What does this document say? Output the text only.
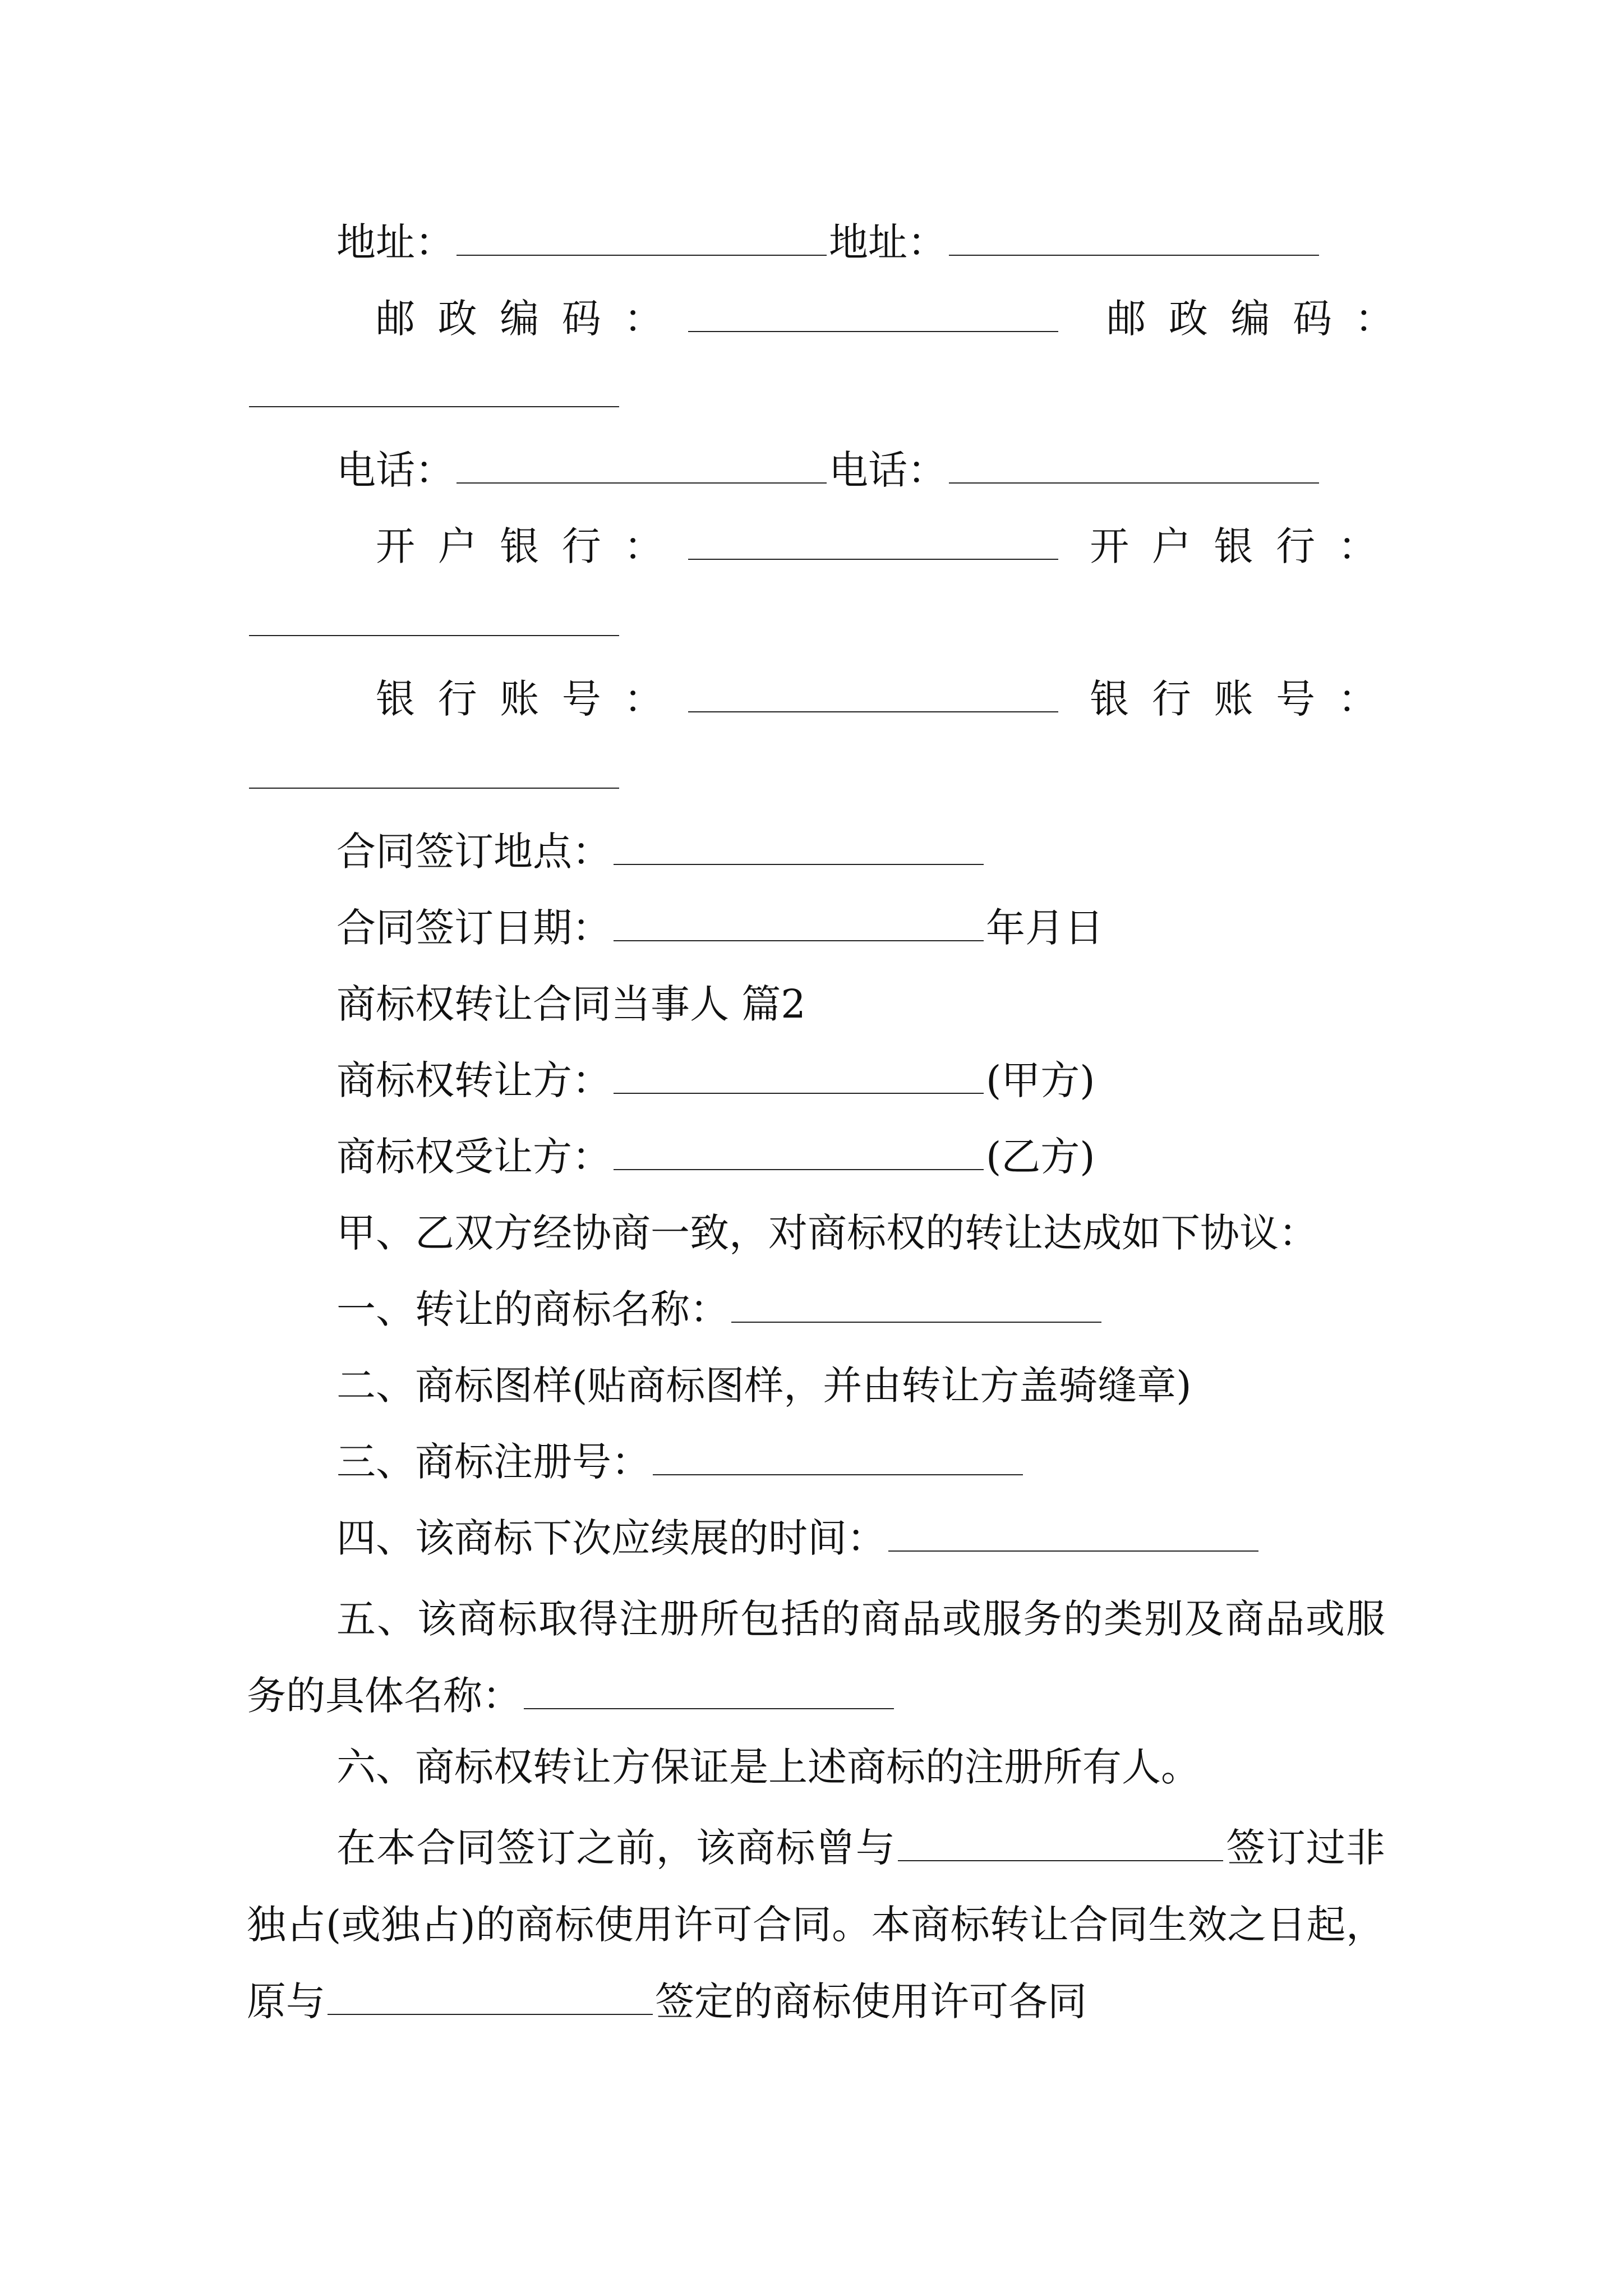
地址：	地址：
邮政编码：	邮政编码：
电话：	电话：
开户银行：	开户银行：
银行账号：	银行账号：
合同签订地点：
合同签订日期：	年月日
商标权转让合同当事人 篇2
商标权转让方：	(甲方)
商标权受让方：	(乙方)
甲、乙双方经协商一致，对商标权的转让达成如下协议：
一、转让的商标名称：
二、商标图样(贴商标图样，并由转让方盖骑缝章)
三、商标注册号：
四、该商标下次应续展的时间：
五、该商标取得注册所包括的商品或服务的类别及商品或服务的具体名称：
六、商标权转让方保证是上述商标的注册所有人。
在本合同签订之前，该商标曾与	签订过非独占(或独占)的商标使用许可合同。本商标转让合同生效之日起，原与	签定的商标使用许可各同
